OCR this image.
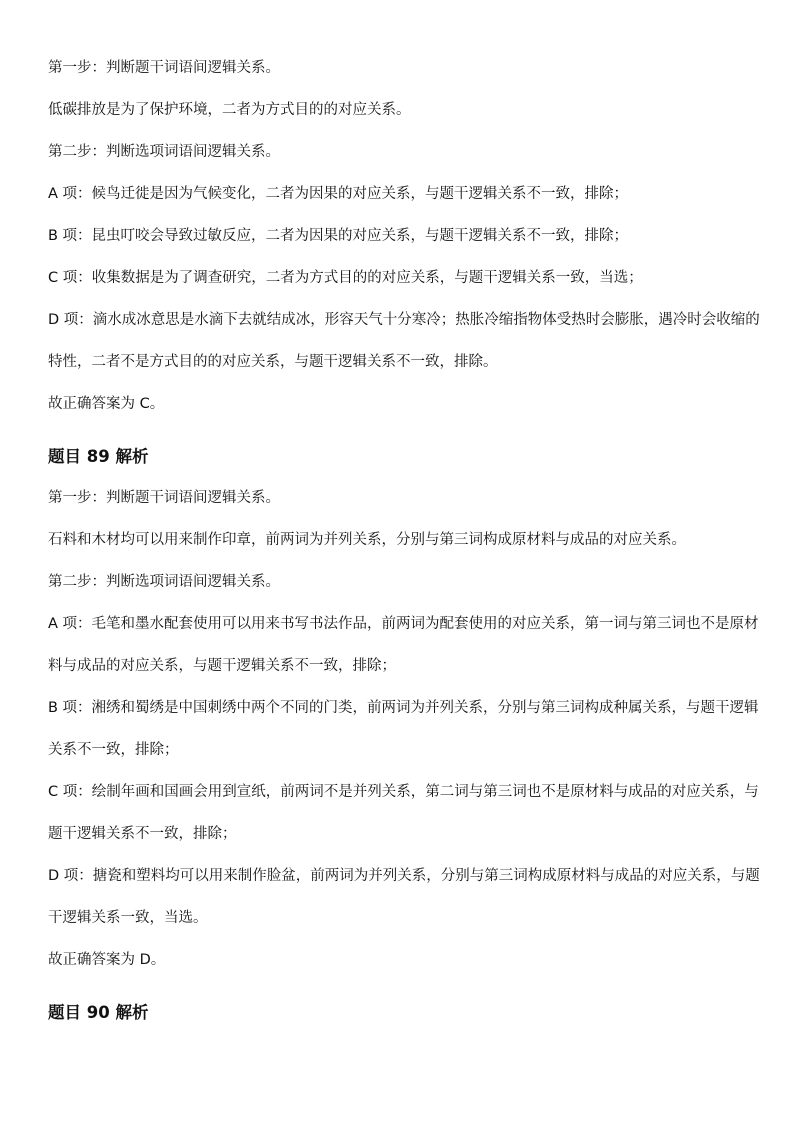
第一步：判断题干词语间逻辑关系。

低碳排放是为了保护环境，二者为方式目的的对应关系。

第二步：判断选项词语间逻辑关系。

A 项：候鸟迁徙是因为气候变化，二者为因果的对应关系，与题干逻辑关系不一致，排除；

B 项：昆虫叮咬会导致过敏反应，二者为因果的对应关系，与题干逻辑关系不一致，排除；

C 项：收集数据是为了调查研究，二者为方式目的的对应关系，与题干逻辑关系一致，当选；

D 项：滴水成冰意思是水滴下去就结成冰，形容天气十分寒冷；热胀冷缩指物体受热时会膨胀，遇冷时会收缩的特性，二者不是方式目的的对应关系，与题干逻辑关系不一致，排除。

故正确答案为 C。

题目 89 解析

第一步：判断题干词语间逻辑关系。

石料和木材均可以用来制作印章，前两词为并列关系，分别与第三词构成原材料与成品的对应关系。

第二步：判断选项词语间逻辑关系。

A 项：毛笔和墨水配套使用可以用来书写书法作品，前两词为配套使用的对应关系，第一词与第三词也不是原材料与成品的对应关系，与题干逻辑关系不一致，排除；

B 项：湘绣和蜀绣是中国刺绣中两个不同的门类，前两词为并列关系，分别与第三词构成种属关系，与题干逻辑关系不一致，排除；

C 项：绘制年画和国画会用到宣纸，前两词不是并列关系，第二词与第三词也不是原材料与成品的对应关系，与题干逻辑关系不一致，排除；

D 项：搪瓷和塑料均可以用来制作脸盆，前两词为并列关系，分别与第三词构成原材料与成品的对应关系，与题干逻辑关系一致，当选。

故正确答案为 D。

题目 90 解析
